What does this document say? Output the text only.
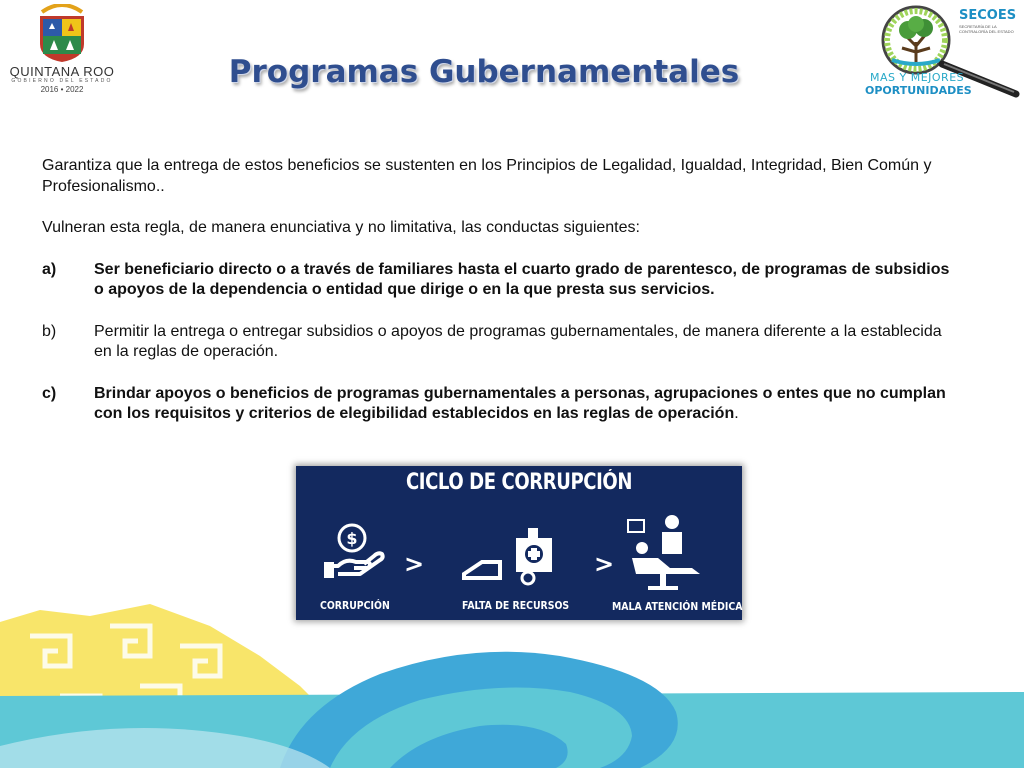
QUINTANA ROO
GOBIERNO DEL ESTADO
2016 • 2022	Programas Gubernamentales
SECOES
SECRETARÍA DE LA CONTRALORÍA DEL ESTADO
MAS Y MEJORES
OPORTUNIDADES

Garantiza que la entrega de estos beneficios se sustenten en los Principios de Legalidad, Igualdad, Integridad, Bien Común y Profesionalismo..

Vulneran esta regla, de manera enunciativa y no limitativa, las conductas siguientes:

a) Ser beneficiario directo o a través de familiares hasta el cuarto grado de parentesco, de programas de subsidios o apoyos de la dependencia o entidad que dirige o en la que presta sus servicios.
b) Permitir la entrega o entregar subsidios o apoyos de programas gubernamentales, de manera diferente a la establecida en la reglas de operación.
c) Brindar apoyos o beneficios de programas gubernamentales a personas, agrupaciones o entes que no cumplan con los requisitos y criterios de elegibilidad establecidos en las reglas de operación.
CICLO DE CORRUPCIÓN
$
>	>
CORRUPCIÓN	FALTA DE RECURSOS	MALA ATENCIÓN MÉDICA
